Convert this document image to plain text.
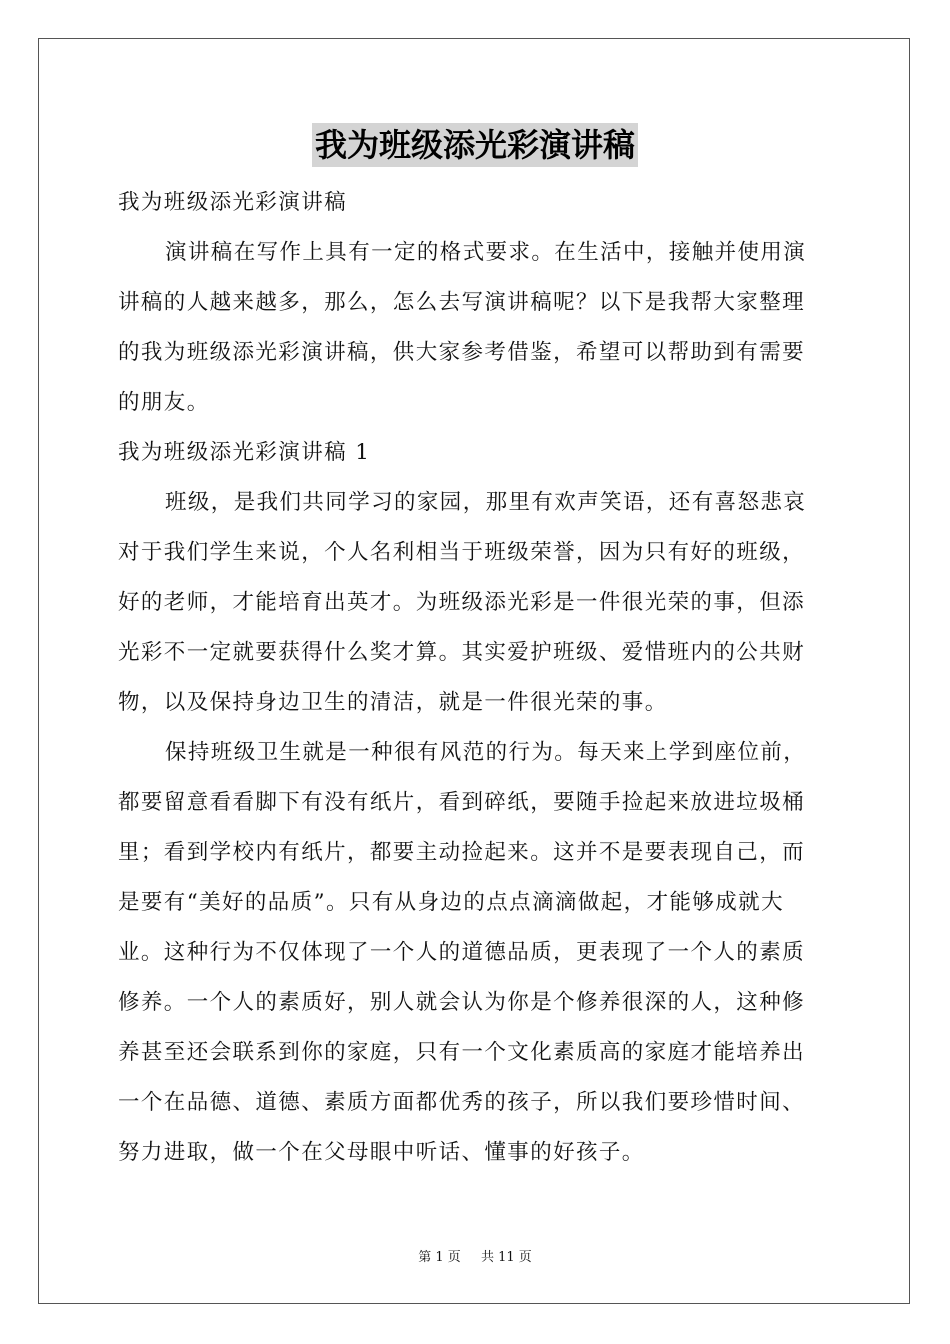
我为班级添光彩演讲稿
我为班级添光彩演讲稿
演讲稿在写作上具有一定的格式要求。在生活中，接触并使用演
讲稿的人越来越多，那么，怎么去写演讲稿呢？以下是我帮大家整理
的我为班级添光彩演讲稿，供大家参考借鉴，希望可以帮助到有需要
的朋友。
我为班级添光彩演讲稿 1
班级，是我们共同学习的家园，那里有欢声笑语，还有喜怒悲哀
对于我们学生来说，个人名利相当于班级荣誉，因为只有好的班级，
好的老师，才能培育出英才。为班级添光彩是一件很光荣的事，但添
光彩不一定就要获得什么奖才算。其实爱护班级、爱惜班内的公共财
物，以及保持身边卫生的清洁，就是一件很光荣的事。
保持班级卫生就是一种很有风范的行为。每天来上学到座位前，
都要留意看看脚下有没有纸片，看到碎纸，要随手捡起来放进垃圾桶
里；看到学校内有纸片，都要主动捡起来。这并不是要表现自己，而
是要有“美好的品质”。只有从身边的点点滴滴做起，才能够成就大
业。这种行为不仅体现了一个人的道德品质，更表现了一个人的素质
修养。一个人的素质好，别人就会认为你是个修养很深的人，这种修
养甚至还会联系到你的家庭，只有一个文化素质高的家庭才能培养出
一个在品德、道德、素质方面都优秀的孩子，所以我们要珍惜时间、
努力进取，做一个在父母眼中听话、懂事的好孩子。
第 1 页 共 11 页
